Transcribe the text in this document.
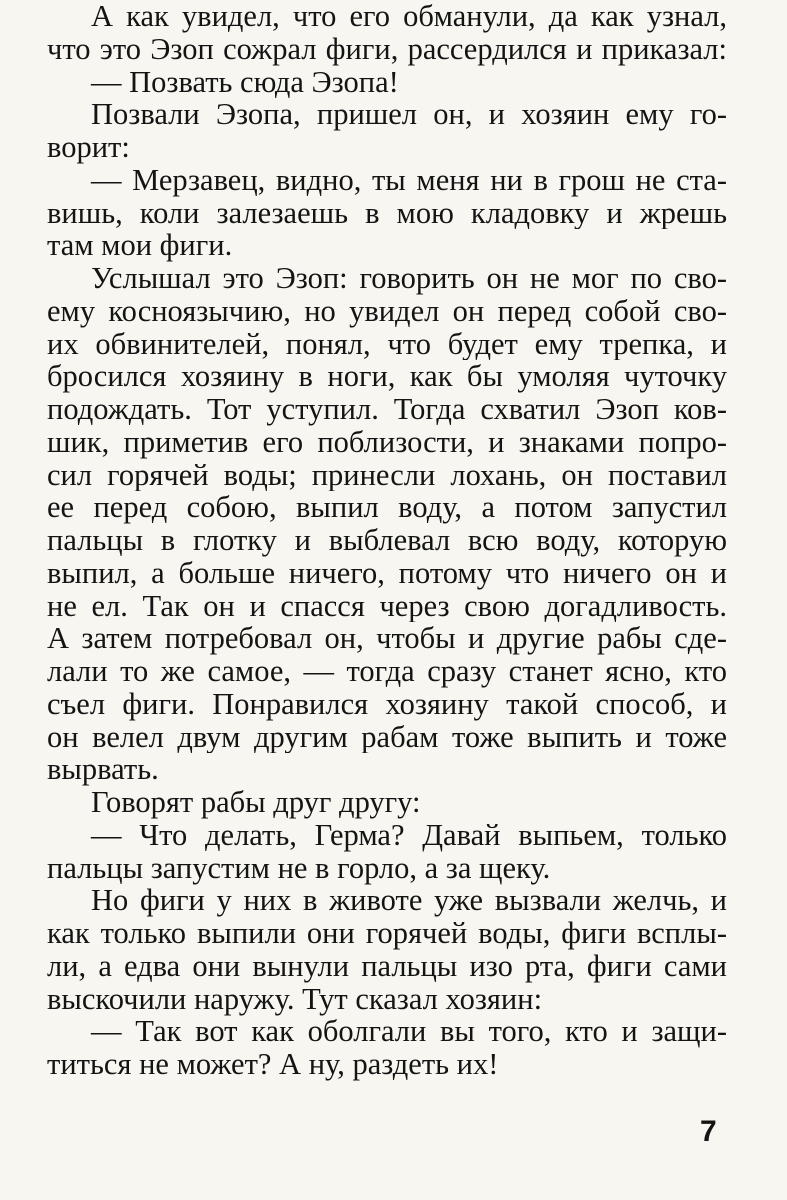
А как увидел, что его обманули, да как узнал,
что это Эзоп сожрал фиги, рассердился и приказал:
— Позвать сюда Эзопа!
Позвали Эзопа, пришел он, и хозяин ему го-
ворит:
— Мерзавец, видно, ты меня ни в грош не ста-
вишь, коли залезаешь в мою кладовку и жрешь
там мои фиги.
Услышал это Эзоп: говорить он не мог по сво-
ему косноязычию, но увидел он перед собой сво-
их обвинителей, понял, что будет ему трепка, и
бросился хозяину в ноги, как бы умоляя чуточку
подождать. Тот уступил. Тогда схватил Эзоп ков-
шик, приметив его поблизости, и знаками попро-
сил горячей воды; принесли лохань, он поставил
ее перед собою, выпил воду, а потом запустил
пальцы в глотку и выблевал всю воду, которую
выпил, а больше ничего, потому что ничего он и
не ел. Так он и спасся через свою догадливость.
А затем потребовал он, чтобы и другие рабы сде-
лали то же самое, — тогда сразу станет ясно, кто
съел фиги. Понравился хозяину такой способ, и
он велел двум другим рабам тоже выпить и тоже
вырвать.
Говорят рабы друг другу:
— Что делать, Герма? Давай выпьем, только
пальцы запустим не в горло, а за щеку.
Но фиги у них в животе уже вызвали желчь, и
как только выпили они горячей воды, фиги всплы-
ли, а едва они вынули пальцы изо рта, фиги сами
выскочили наружу. Тут сказал хозяин:
— Так вот как оболгали вы того, кто и защи-
титься не может? А ну, раздеть их!
7
